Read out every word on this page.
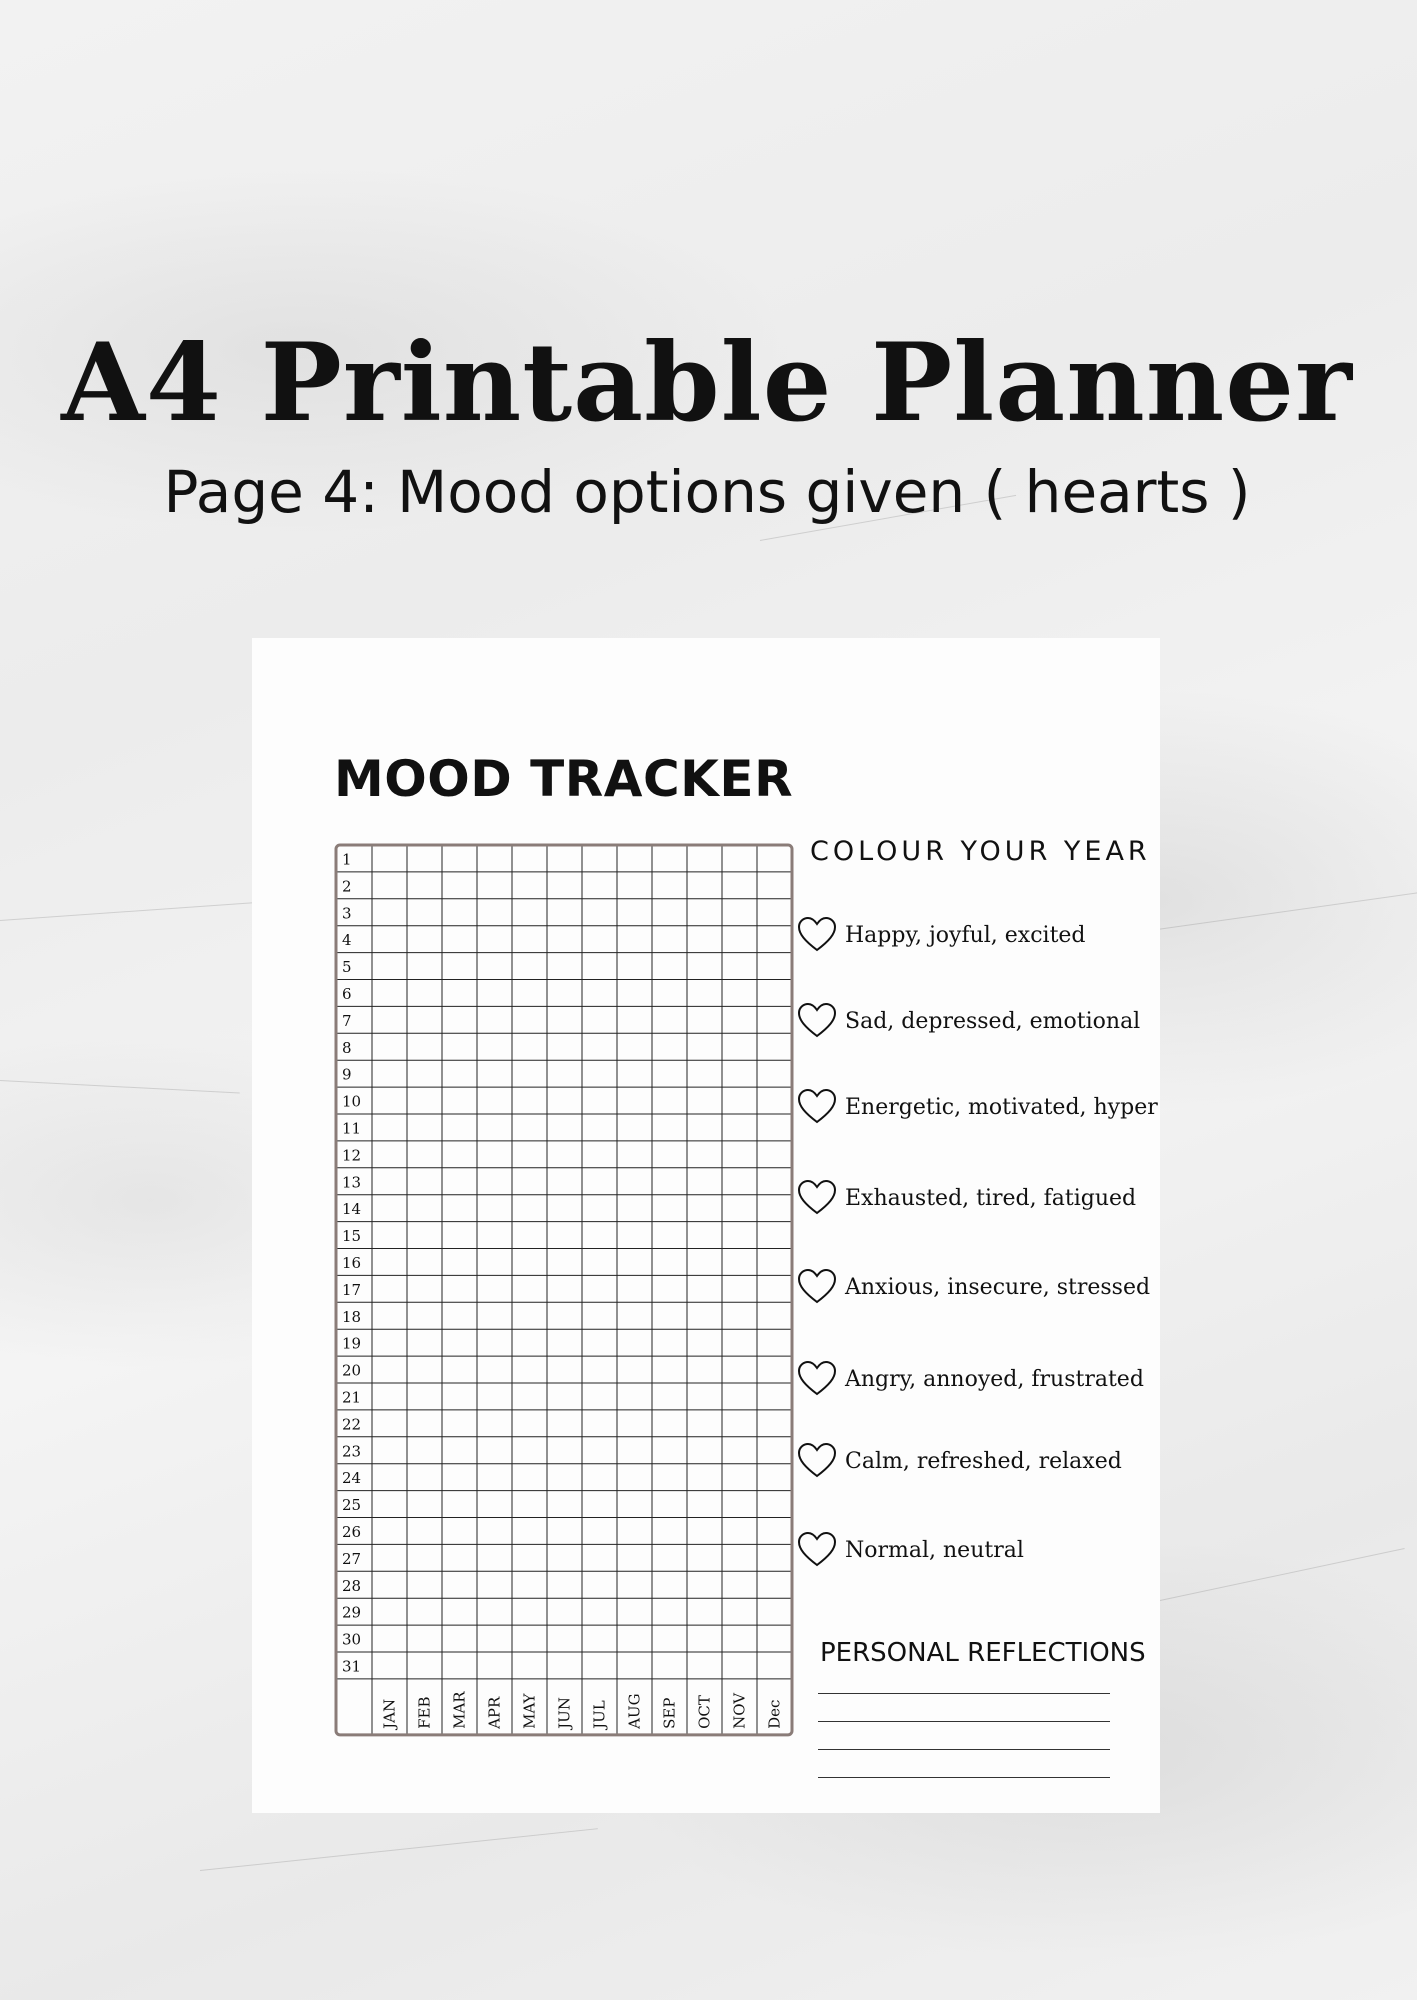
A4 Printable Planner

Page 4: Mood options given ( hearts )

MOOD TRACKER
1
2
3
4
5
6
7
8
9
10
11
12
13
14
15
16
17
18
19
20
21
22
23
24
25
26
27
28
29
30
31
JAN FEB MAR APR MAY JUN JUL AUG SEP OCT NOV Dec
COLOUR YOUR YEAR
Happy, joyful, excited
Sad, depressed, emotional
Energetic, motivated, hyper
Exhausted, tired, fatigued
Anxious, insecure, stressed
Angry, annoyed, frustrated
Calm, refreshed, relaxed
Normal, neutral
PERSONAL REFLECTIONS
